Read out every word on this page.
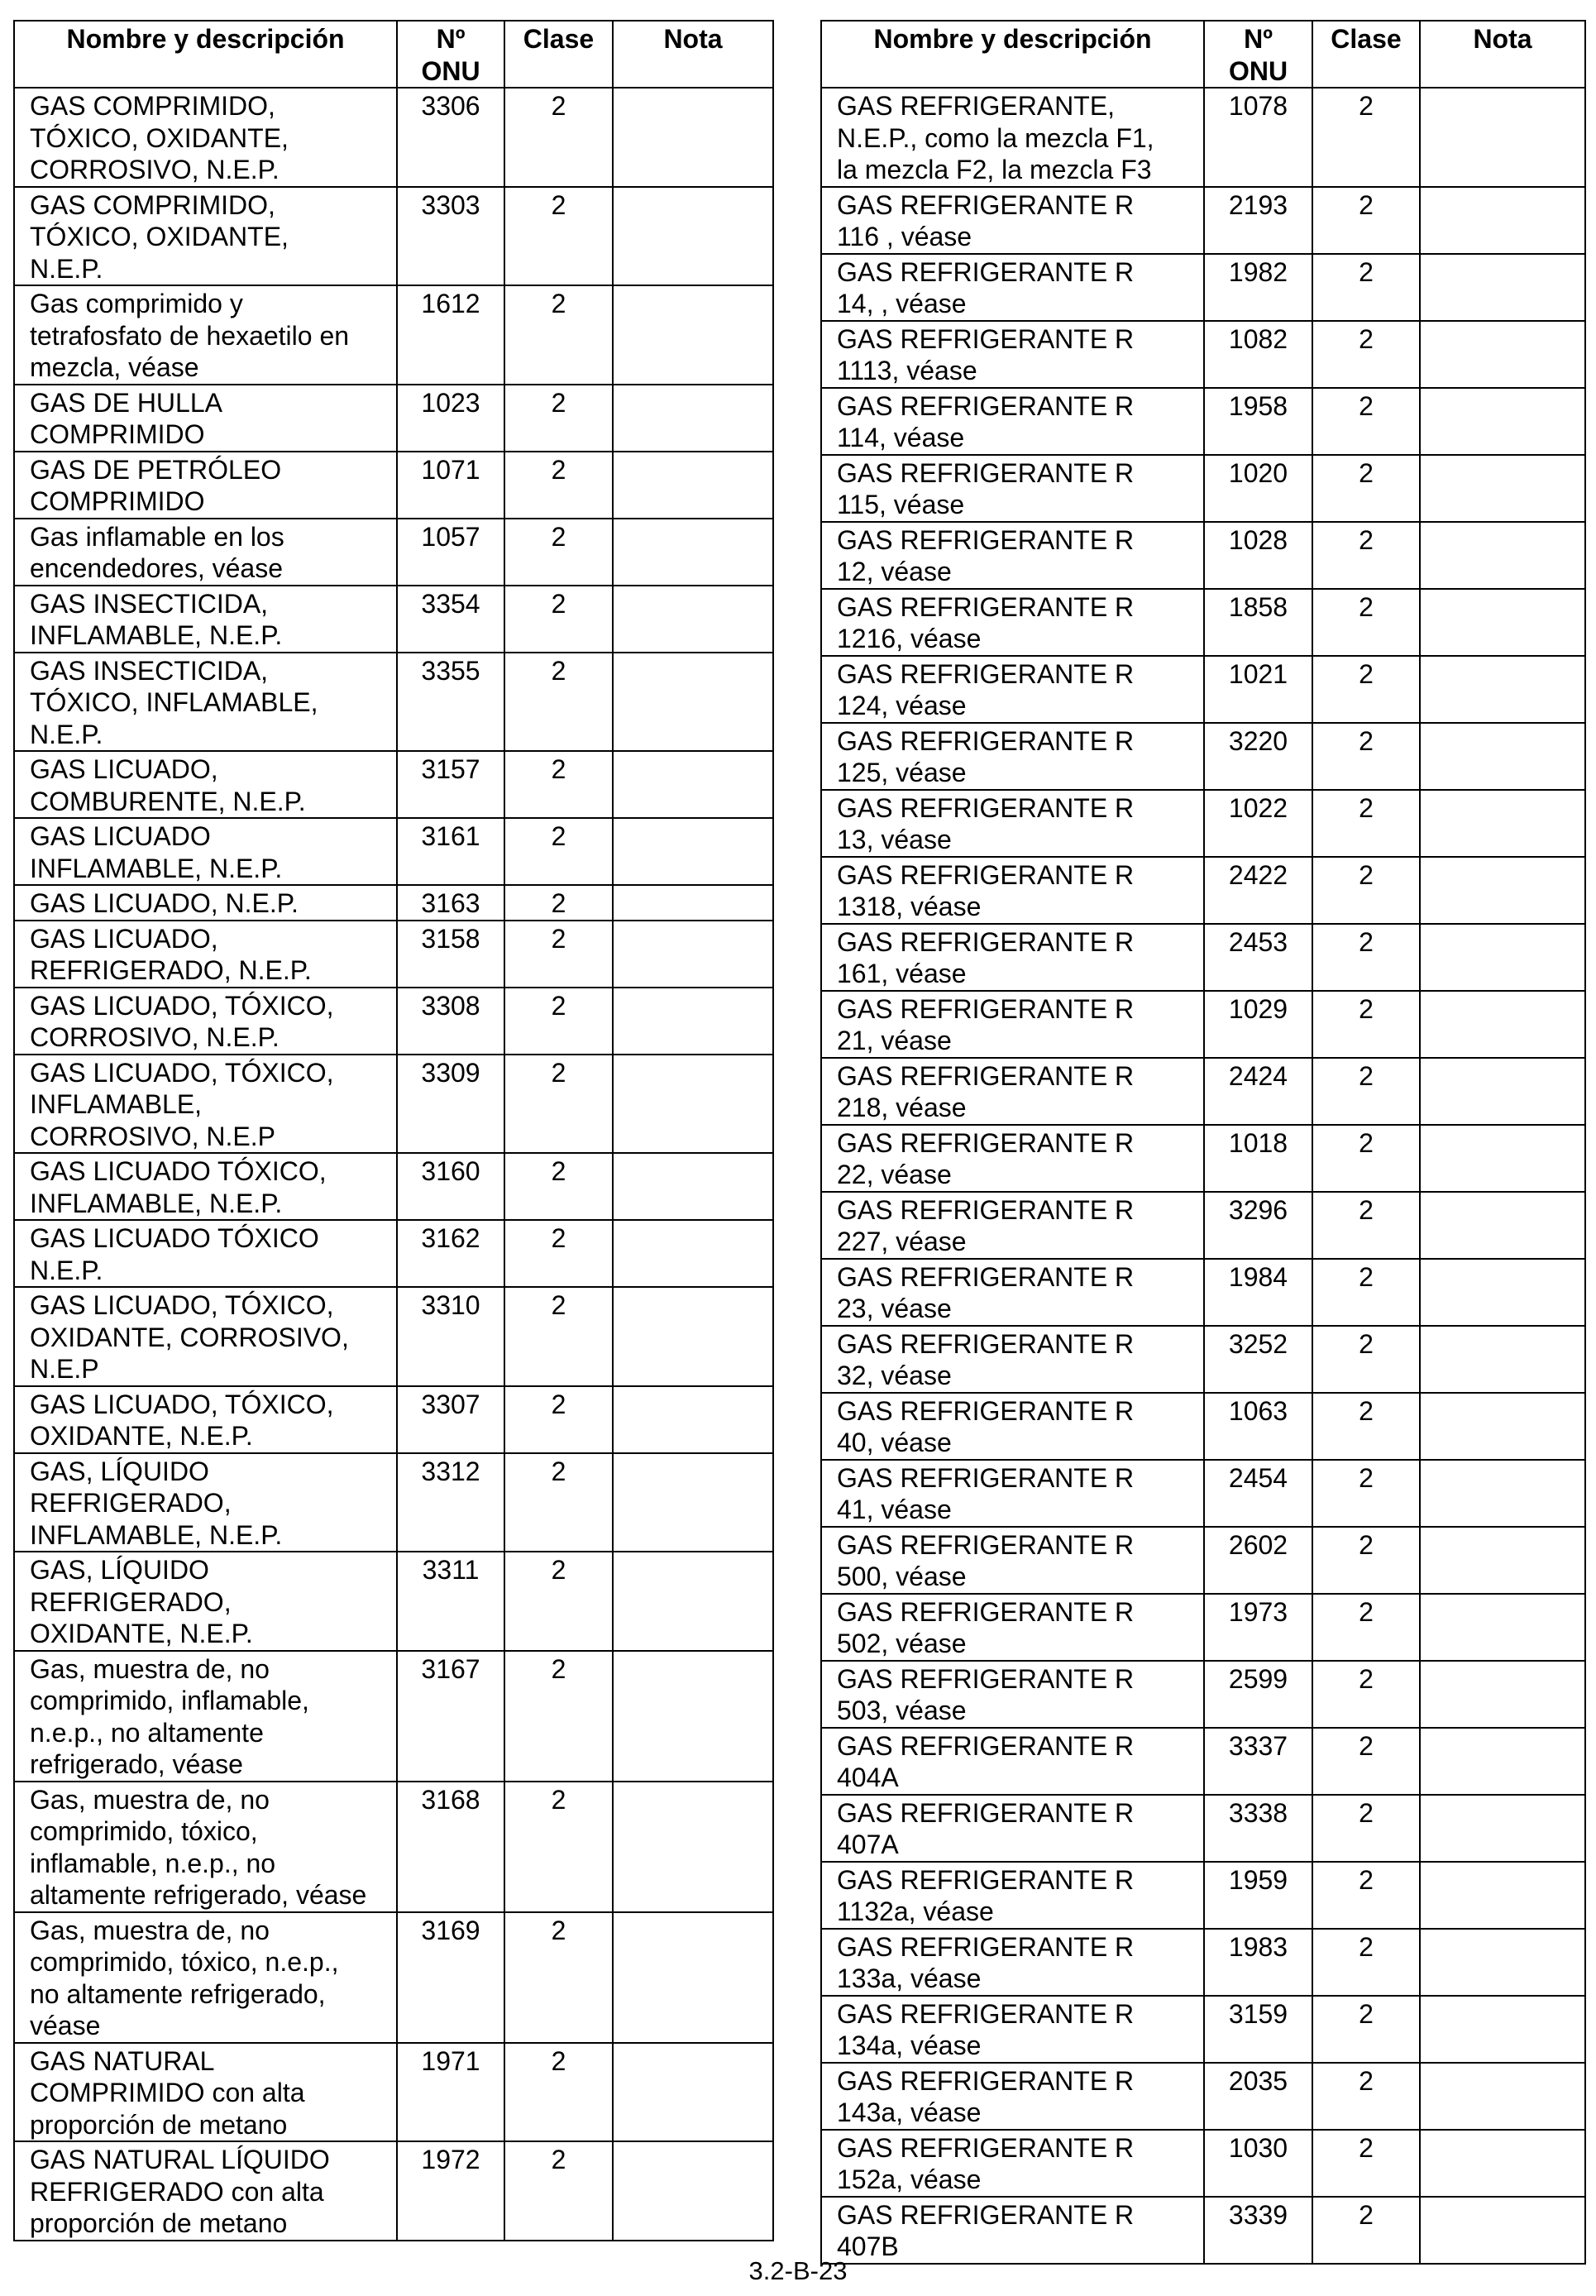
Nombre y descripción	Nº
ONU	Clase	Nota

GAS COMPRIMIDO,
TÓXICO, OXIDANTE,
CORROSIVO, N.E.P.	3306	2	

GAS COMPRIMIDO,
TÓXICO, OXIDANTE,
N.E.P.	3303	2	

Gas comprimido y
tetrafosfato de hexaetilo en
mezcla, véase	1612	2	

GAS DE HULLA
COMPRIMIDO	1023	2	

GAS DE PETRÓLEO
COMPRIMIDO	1071	2	

Gas inflamable en los
encendedores, véase	1057	2	

GAS INSECTICIDA,
INFLAMABLE, N.E.P.	3354	2	

GAS INSECTICIDA,
TÓXICO, INFLAMABLE,
N.E.P.	3355	2	

GAS LICUADO,
COMBURENTE, N.E.P.	3157	2	

GAS LICUADO
INFLAMABLE, N.E.P.	3161	2	

GAS LICUADO, N.E.P.	3163	2	

GAS LICUADO,
REFRIGERADO, N.E.P.	3158	2	

GAS LICUADO, TÓXICO,
CORROSIVO, N.E.P.	3308	2	

GAS LICUADO, TÓXICO,
INFLAMABLE,
CORROSIVO, N.E.P	3309	2	

GAS LICUADO TÓXICO,
INFLAMABLE, N.E.P.	3160	2	

GAS LICUADO TÓXICO
N.E.P.	3162	2	

GAS LICUADO, TÓXICO,
OXIDANTE, CORROSIVO,
N.E.P	3310	2	

GAS LICUADO, TÓXICO,
OXIDANTE, N.E.P.	3307	2	

GAS, LÍQUIDO
REFRIGERADO,
INFLAMABLE, N.E.P.	3312	2	

GAS, LÍQUIDO
REFRIGERADO,
OXIDANTE, N.E.P.	3311	2	

Gas, muestra de, no
comprimido, inflamable,
n.e.p., no altamente
refrigerado, véase	3167	2	

Gas, muestra de, no
comprimido, tóxico,
inflamable, n.e.p., no
altamente refrigerado, véase	3168	2	

Gas, muestra de, no
comprimido, tóxico, n.e.p.,
no altamente refrigerado,
véase	3169	2	

GAS NATURAL
COMPRIMIDO con alta
proporción de metano	1971	2	

GAS NATURAL LÍQUIDO
REFRIGERADO con alta
proporción de metano	1972	2	
Nombre y descripción	Nº
ONU	Clase	Nota

GAS REFRIGERANTE,
N.E.P., como la mezcla F1,
la mezcla F2, la mezcla F3	1078	2	

GAS REFRIGERANTE R
116 , véase	2193	2	

GAS REFRIGERANTE R
14, , véase	1982	2	

GAS REFRIGERANTE R
1113, véase	1082	2	

GAS REFRIGERANTE R
114, véase	1958	2	

GAS REFRIGERANTE R
115, véase	1020	2	

GAS REFRIGERANTE R
12, véase	1028	2	

GAS REFRIGERANTE R
1216, véase	1858	2	

GAS REFRIGERANTE R
124, véase	1021	2	

GAS REFRIGERANTE R
125, véase	3220	2	

GAS REFRIGERANTE R
13, véase	1022	2	

GAS REFRIGERANTE R
1318, véase	2422	2	

GAS REFRIGERANTE R
161, véase	2453	2	

GAS REFRIGERANTE R
21, véase	1029	2	

GAS REFRIGERANTE R
218, véase	2424	2	

GAS REFRIGERANTE R
22, véase	1018	2	

GAS REFRIGERANTE R
227, véase	3296	2	

GAS REFRIGERANTE R
23, véase	1984	2	

GAS REFRIGERANTE R
32, véase	3252	2	

GAS REFRIGERANTE R
40, véase	1063	2	

GAS REFRIGERANTE R
41, véase	2454	2	

GAS REFRIGERANTE R
500, véase	2602	2	

GAS REFRIGERANTE R
502, véase	1973	2	

GAS REFRIGERANTE R
503, véase	2599	2	

GAS REFRIGERANTE R
404A	3337	2	

GAS REFRIGERANTE R
407A	3338	2	

GAS REFRIGERANTE R
1132a, véase	1959	2	

GAS REFRIGERANTE R
133a, véase	1983	2	

GAS REFRIGERANTE R
134a, véase	3159	2	

GAS REFRIGERANTE R
143a, véase	2035	2	

GAS REFRIGERANTE R
152a, véase	1030	2	

GAS REFRIGERANTE R
407B	3339	2	
3.2-B-23
